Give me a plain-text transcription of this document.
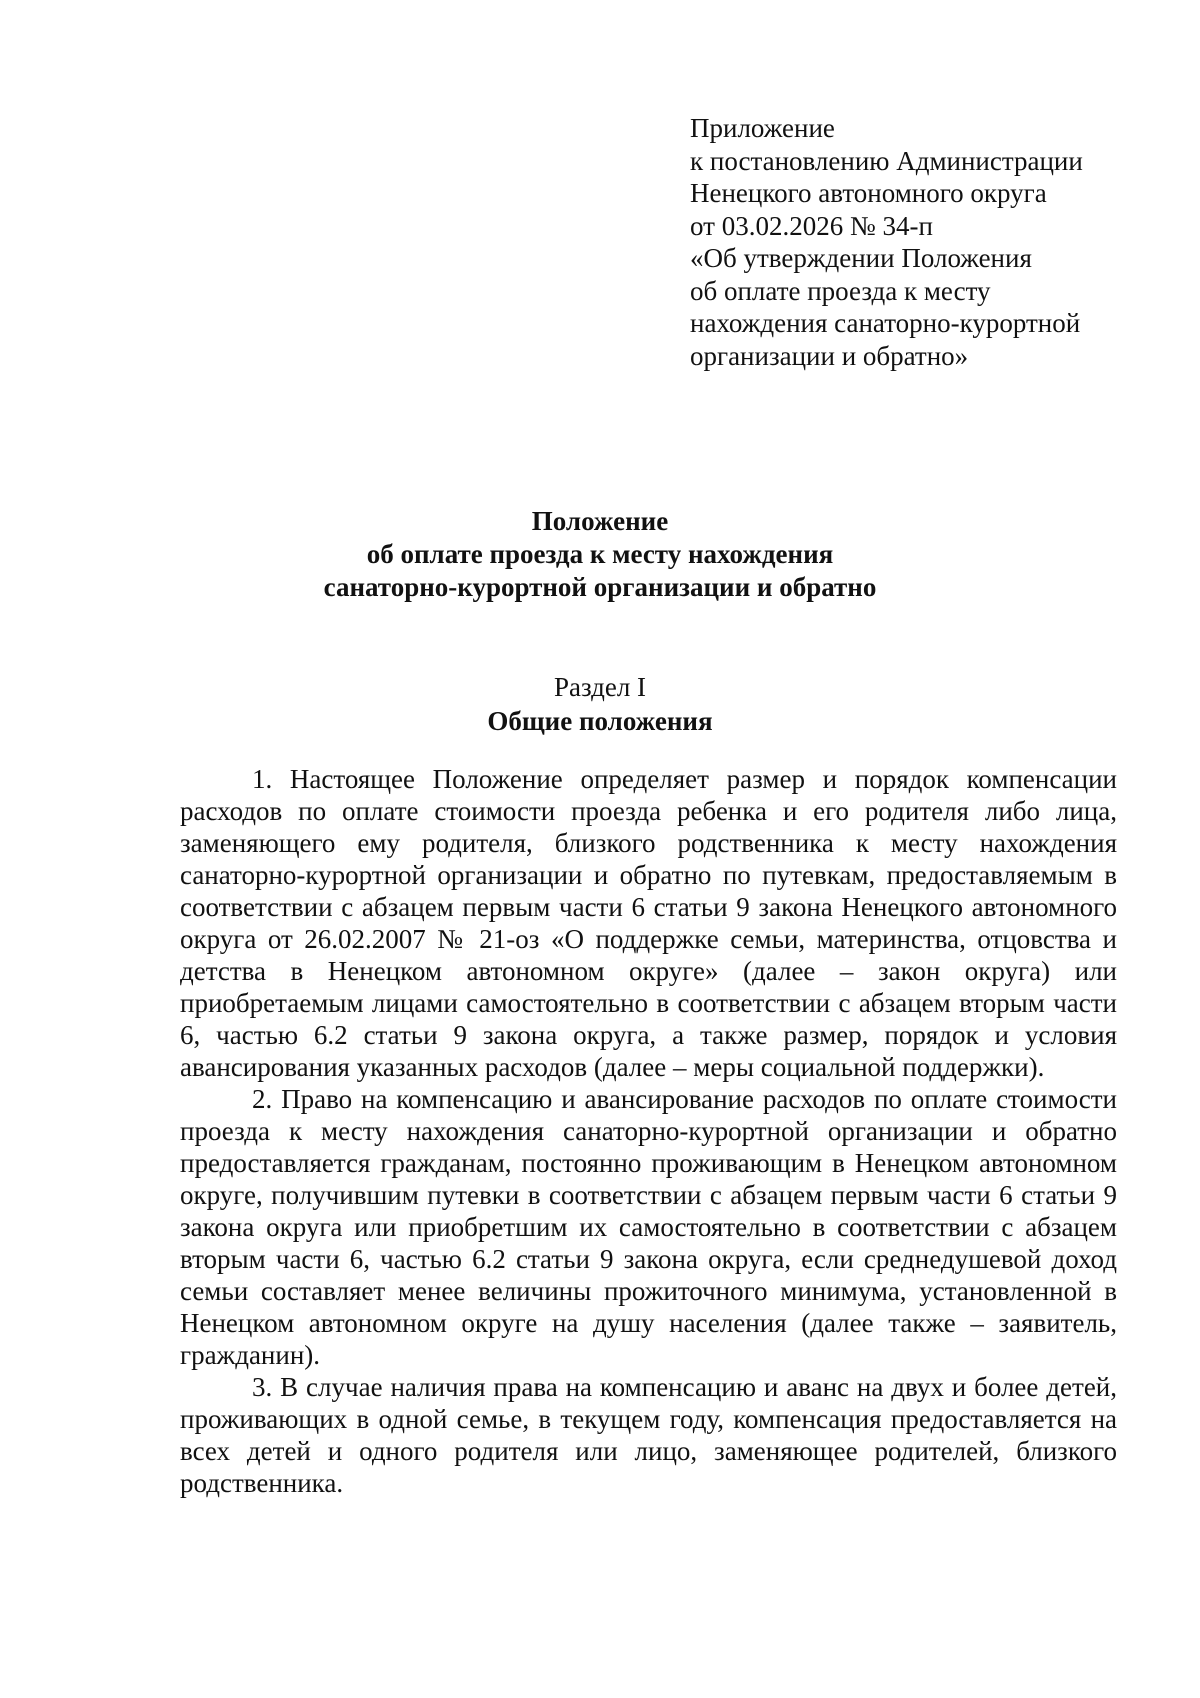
Приложение
к постановлению Администрации
Ненецкого автономного округа
от 03.02.2026 № 34-п
«Об утверждении Положения
об оплате проезда к месту
нахождения санаторно-курортной
организации и обратно»
Положение
об оплате проезда к месту нахождения
санаторно-курортной организации и обратно
Раздел I
Общие положения

1. Настоящее Положение определяет размер и порядок компенсации расходов по оплате стоимости проезда ребенка и его родителя либо лица, заменяющего ему родителя, близкого родственника к месту нахождения санаторно-курортной организации и обратно по путевкам, предоставляемым в соответствии с абзацем первым части 6 статьи 9 закона Ненецкого автономного округа от 26.02.2007 № 21-оз «О поддержке семьи, материнства, отцовства и детства в Ненецком автономном округе» (далее – закон округа) или приобретаемым лицами самостоятельно в соответствии с абзацем вторым части 6, частью 6.2 статьи 9 закона округа, а также размер, порядок и условия авансирования указанных расходов (далее – меры социальной поддержки).

2. Право на компенсацию и авансирование расходов по оплате стоимости проезда к месту нахождения санаторно-курортной организации и обратно предоставляется гражданам, постоянно проживающим в Ненецком автономном округе, получившим путевки в соответствии с абзацем первым части 6 статьи 9 закона округа или приобретшим их самостоятельно в соответствии с абзацем вторым части 6, частью 6.2 статьи 9 закона округа, если среднедушевой доход семьи составляет менее величины прожиточного минимума, установленной в Ненецком автономном округе на душу населения (далее также – заявитель, гражданин).

3. В случае наличия права на компенсацию и аванс на двух и более детей, проживающих в одной семье, в текущем году, компенсация предоставляется на всех детей и одного родителя или лицо, заменяющее родителей, близкого родственника.
